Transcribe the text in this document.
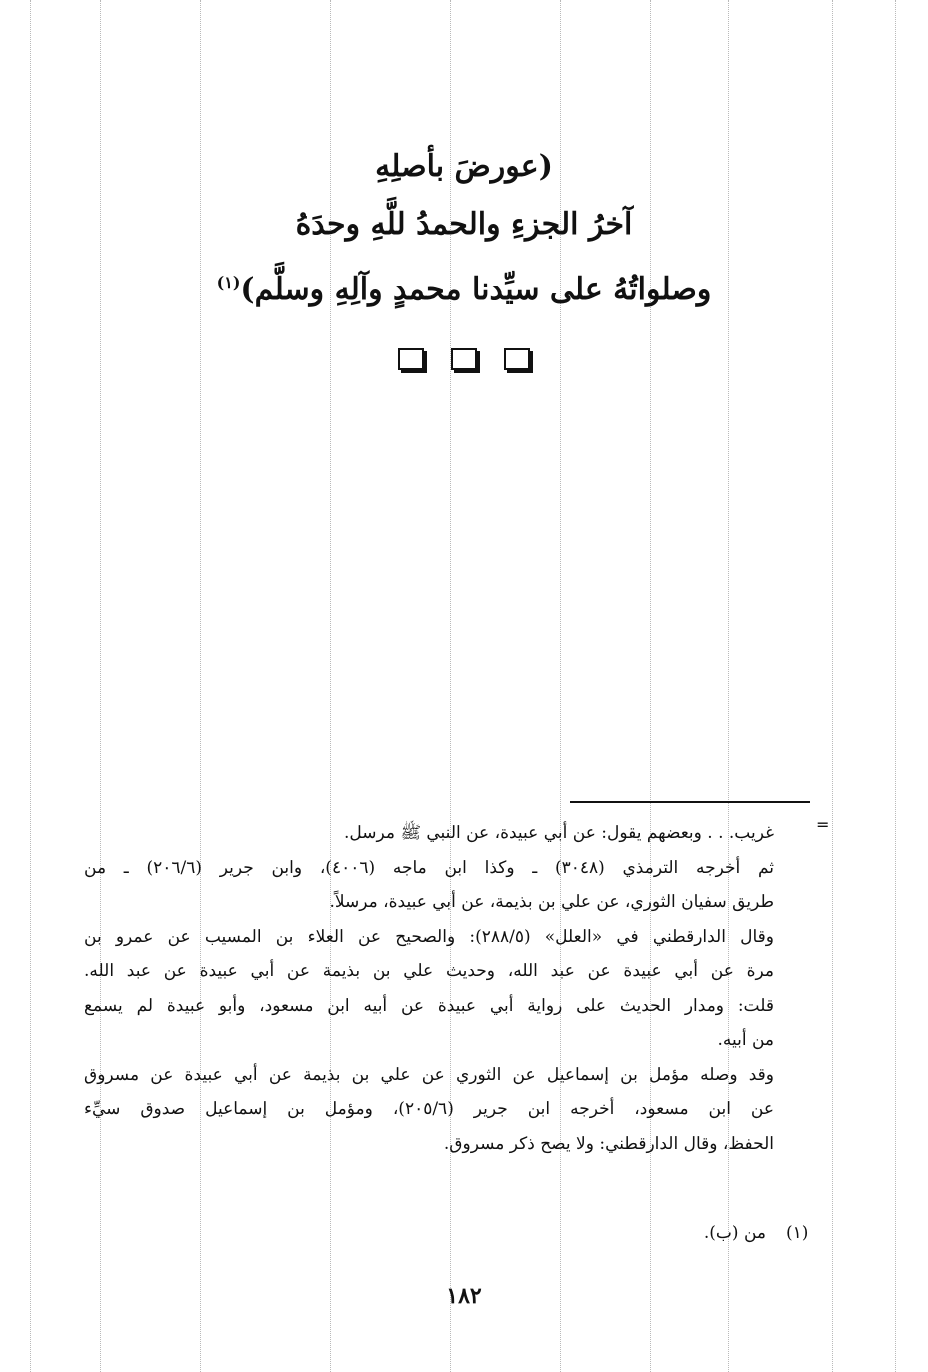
(عورضَ بأصلِهِ
آخرُ الجزءِ والحمدُ للَّهِ وحدَهُ
وصلواتُهُ على سيِّدنا محمدٍ وآلِهِ وسلَّم)$^{(١)}$
=

غريب. . . وبعضهم يقول: عن أبي عبيدة، عن النبي ﷺ مرسل.

ثم أخرجه الترمذي (٣٠٤٨) ـ وكذا ابن ماجه (٤٠٠٦)، وابن جرير (٢٠٦/٦) ـ من

طريق سفيان الثوري، عن علي بن بذيمة، عن أبي عبيدة، مرسلاً.

وقال الدارقطني في «العلل» (٢٨٨/٥): والصحيح عن العلاء بن المسيب عن عمرو بن

مرة عن أبي عبيدة عن عبد الله، وحديث علي بن بذيمة عن أبي عبيدة عن عبد الله.

قلت: ومدار الحديث على رواية أبي عبيدة عن أبيه ابن مسعود، وأبو عبيدة لم يسمع

من أبيه.

وقد وصله مؤمل بن إسماعيل عن الثوري عن علي بن بذيمة عن أبي عبيدة عن مسروق

عن ابن مسعود، أخرجه ابن جرير (٢٠٥/٦)، ومؤمل بن إسماعيل صدوق سيِّء

الحفظ، وقال الدارقطني: ولا يصح ذكر مسروق.

(١)
من (ب).
١٨٢
